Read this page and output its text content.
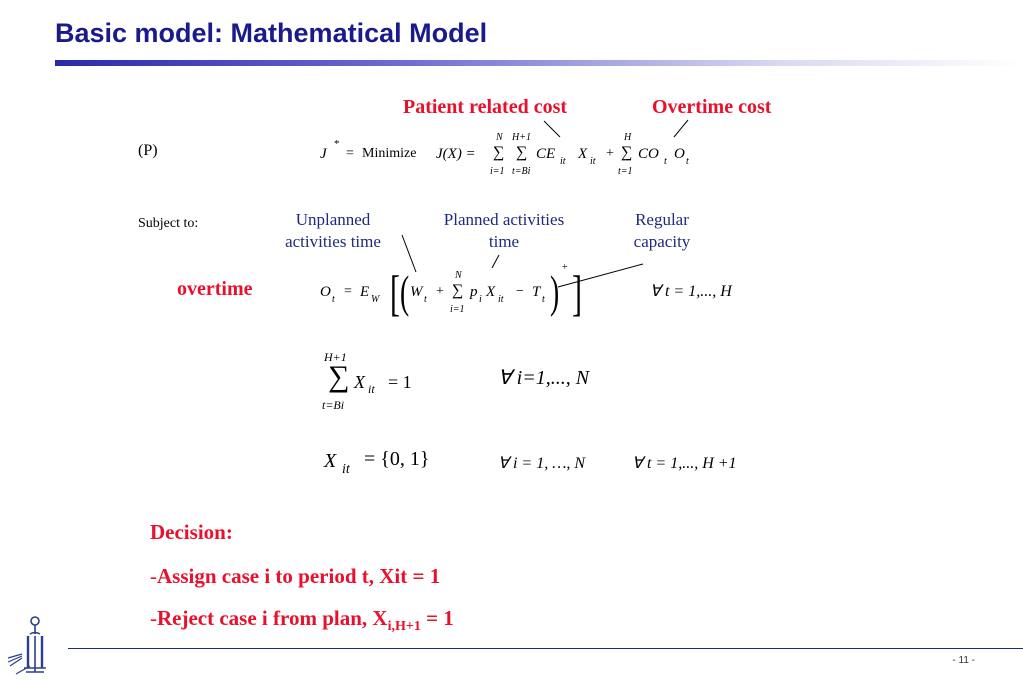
Basic model: Mathematical Model
Patient related cost	Overtime cost
(P)	J
*
= Minimize J(X) =
N
∑
i=1
H+1
∑
t=Bi
CE it X it
+
H
∑
t=1
CO t O t
Subject to:	Unplanned
activities time
Planned activities
time
Regular
capacity
overtime	O t
= E W [ ( W t
+
N
∑
i=1
p i X it
− T t ) + ]	∀ t = 1,..., H
H+1
∑
t=Bi
X it = 1	∀ i=1,..., N
X it = {0, 1}	∀ i = 1, …, N	∀ t = 1,..., H +1
Decision:
-Assign case i to period t, Xit = 1
-Reject case i from plan, $X_{i,H+1} = 1$
- 11 -
